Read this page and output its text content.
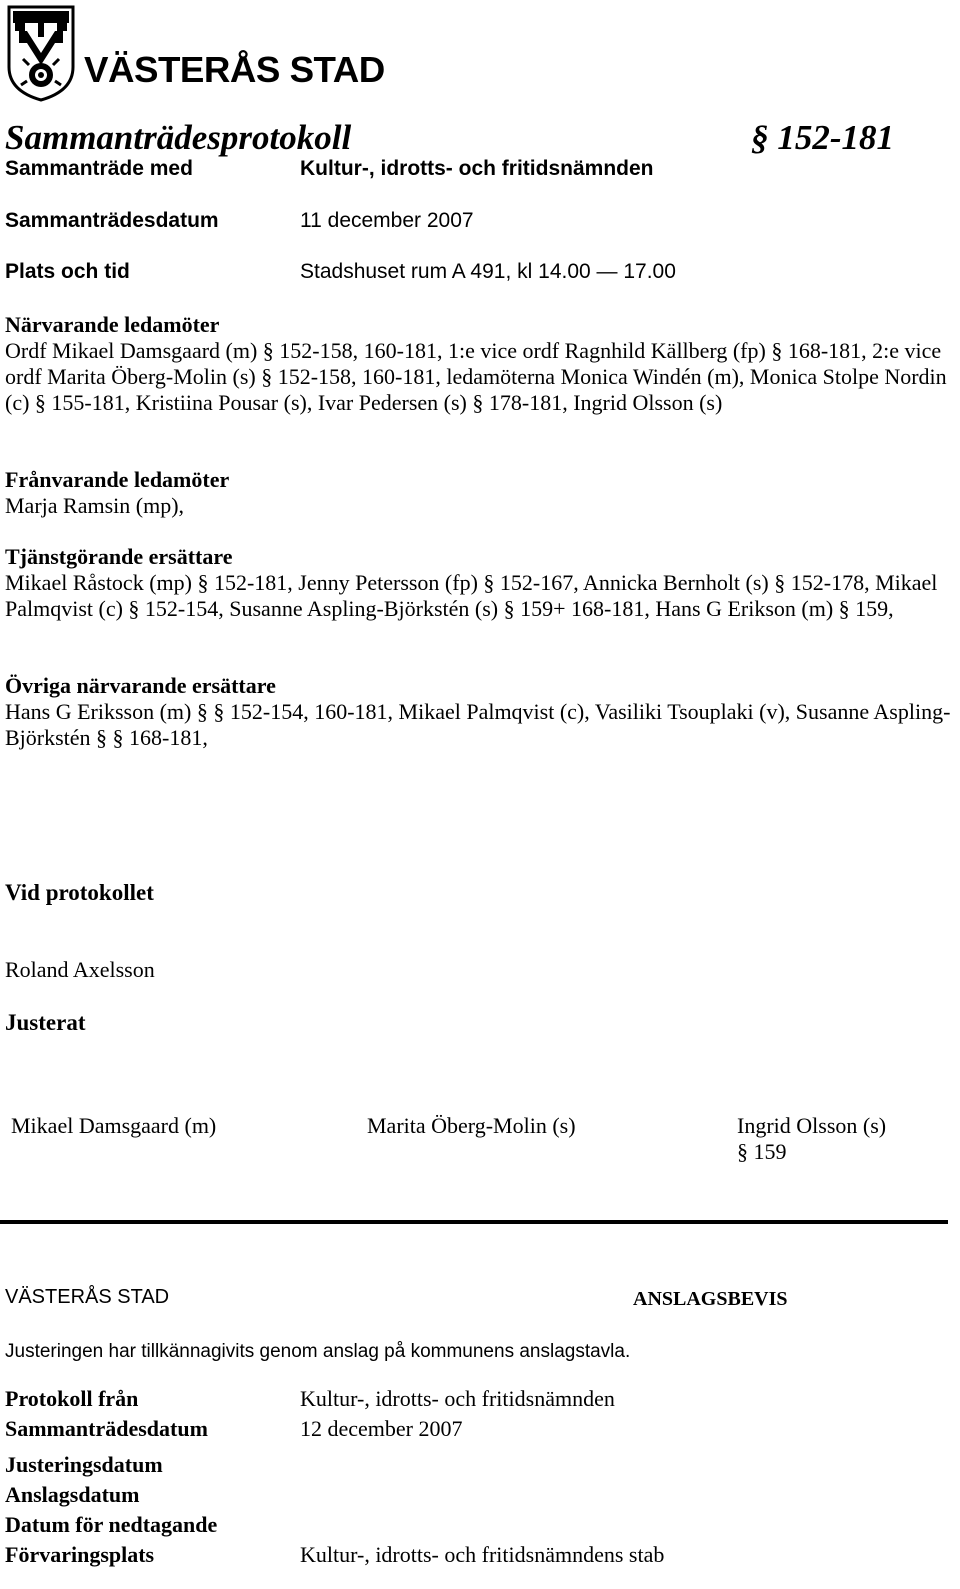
VÄSTERÅS STAD
Sammanträdesprotokoll	§ 152-181
Sammanträde med	Kultur-, idrotts- och fritidsnämnden
Sammanträdesdatum	11 december 2007
Plats och tid	Stadshuset rum A 491, kl 14.00 — 17.00
Närvarande ledamöter
Ordf Mikael Damsgaard (m) § 152-158, 160-181, 1:e vice ordf Ragnhild Källberg (fp) § 168-181, 2:e vice ordf Marita Öberg-Molin (s) § 152-158, 160-181, ledamöterna Monica Windén (m), Monica Stolpe Nordin (c) § 155-181, Kristiina Pousar (s), Ivar Pedersen (s) § 178-181, Ingrid Olsson (s)
Frånvarande ledamöter
Marja Ramsin (mp),
Tjänstgörande ersättare
Mikael Råstock (mp) § 152-181, Jenny Petersson (fp) § 152-167, Annicka Bernholt (s) § 152-178, Mikael Palmqvist (c) § 152-154, Susanne Aspling-Björkstén (s) § 159+ 168-181, Hans G Erikson (m) § 159,
Övriga närvarande ersättare
Hans G Eriksson (m) § § 152-154, 160-181, Mikael Palmqvist (c), Vasiliki Tsouplaki (v), Susanne Aspling-Björkstén § § 168-181,
Vid protokollet
Roland Axelsson
Justerat
Mikael Damsgaard (m)	Marita Öberg-Molin (s)	Ingrid Olsson (s)
§ 159
VÄSTERÅS STAD	ANSLAGSBEVIS
Justeringen har tillkännagivits genom anslag på kommunens anslagstavla.
Protokoll från	Kultur-, idrotts- och fritidsnämnden
Sammanträdesdatum	12 december 2007
Justeringsdatum
Anslagsdatum
Datum för nedtagande
Förvaringsplats	Kultur-, idrotts- och fritidsnämndens stab
